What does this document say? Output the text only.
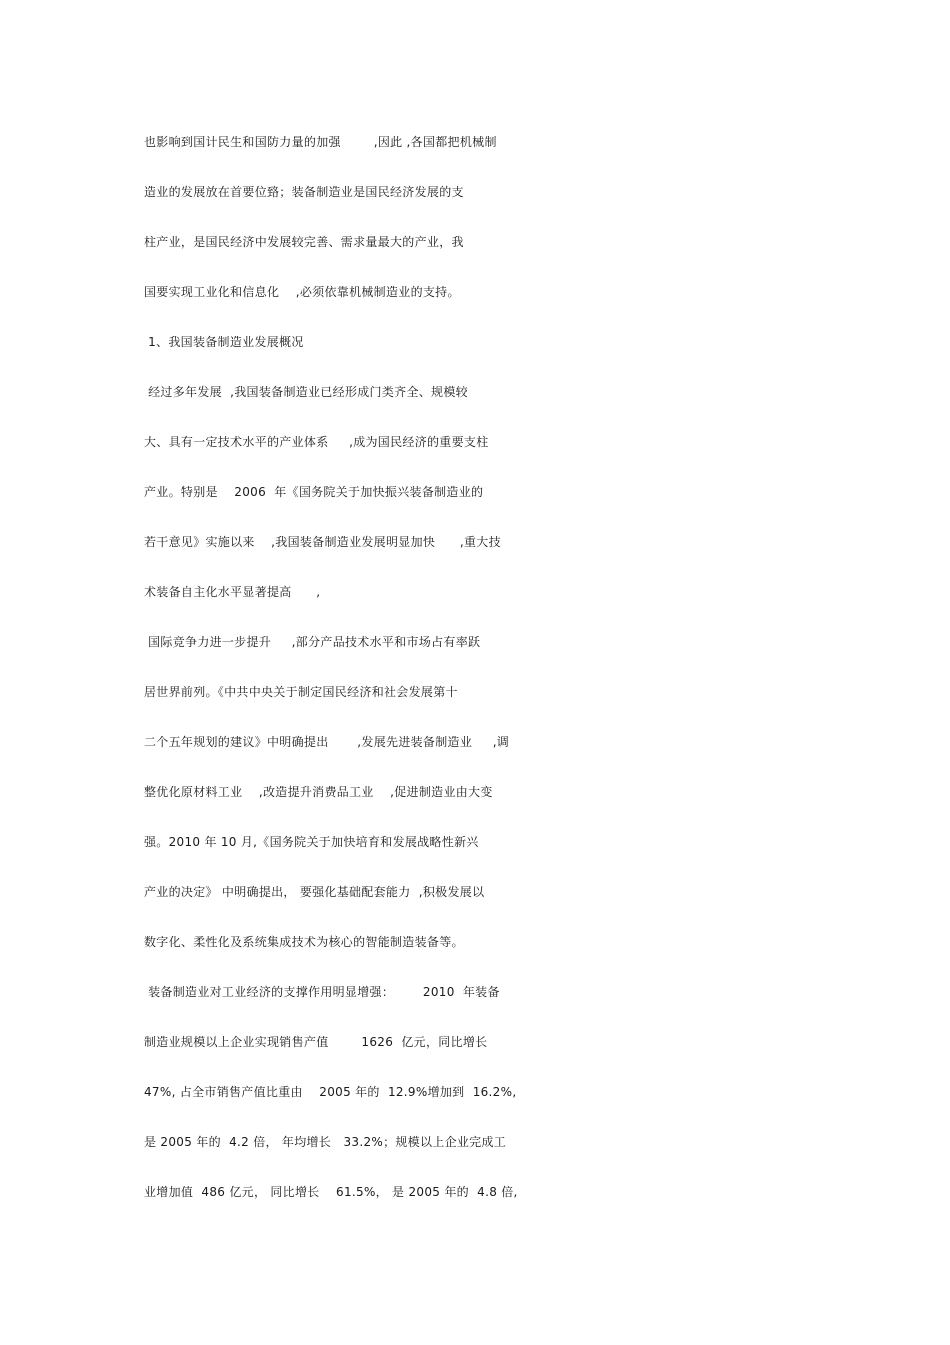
也影响到国计民生和国防力量的加强        ,因此 ,各国都把机械制
造业的发展放在首要位臵；装备制造业是国民经济发展的支
柱产业，是国民经济中发展较完善、需求量最大的产业，我
国要实现工业化和信息化    ,必须依靠机械制造业的支持。
1、我国装备制造业发展概况
经过多年发展  ,我国装备制造业已经形成门类齐全、规模较
大、具有一定技术水平的产业体系     ,成为国民经济的重要支柱
产业。特别是    2006  年《国务院关于加快振兴装备制造业的
若干意见》实施以来    ,我国装备制造业发展明显加快      ,重大技
术装备自主化水平显著提高      ,
国际竞争力进一步提升     ,部分产品技术水平和市场占有率跃
居世界前列。《中共中央关于制定国民经济和社会发展第十
二个五年规划的建议》中明确提出       ,发展先进装备制造业     ,调
整优化原材料工业    ,改造提升消费品工业    ,促进制造业由大变
强。2010 年 10 月,《国务院关于加快培育和发展战略性新兴
产业的决定》 中明确提出， 要强化基础配套能力  ,积极发展以
数字化、柔性化及系统集成技术为核心的智能制造装备等。
装备制造业对工业经济的支撑作用明显增强：       2010  年装备
制造业规模以上企业实现销售产值        1626  亿元，同比增长
47%, 占全市销售产值比重由    2005 年的  12.9%增加到  16.2%,
是 2005 年的  4.2 倍， 年均增长   33.2%；规模以上企业完成工
业增加值  486 亿元， 同比增长    61.5%， 是 2005 年的  4.8 倍,
